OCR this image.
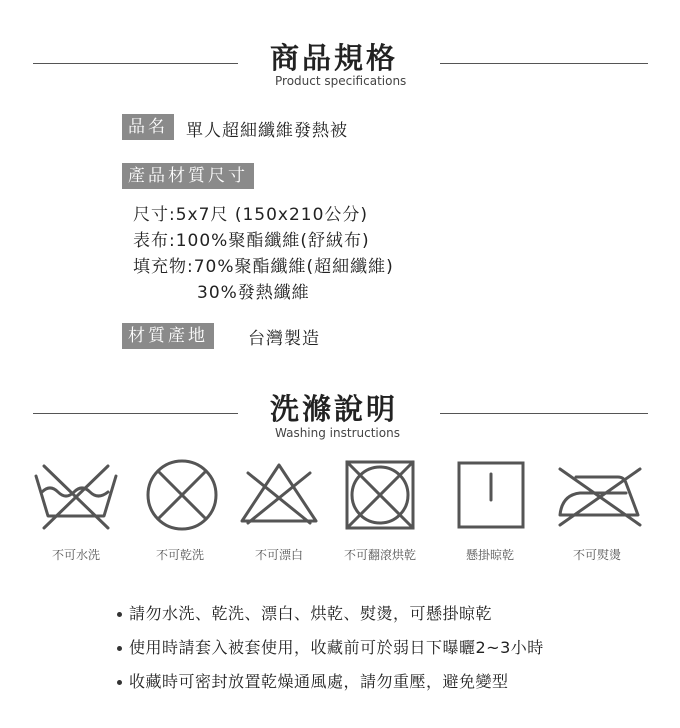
商品規格
Product specifications
品名	單人超細纖維發熱被
產品材質尺寸
尺寸:5x7尺 (150x210公分)
表布:100%聚酯纖維(舒絨布)
填充物:70%聚酯纖維(超細纖維)
30%發熱纖維
材質產地	台灣製造
洗滌說明
Washing instructions
不可水洗	不可乾洗	不可漂白	不可翻滾烘乾	懸掛晾乾	不可熨燙
請勿水洗、乾洗、漂白、烘乾、熨燙，可懸掛晾乾
使用時請套入被套使用，收藏前可於弱日下曝曬2~3小時
收藏時可密封放置乾燥通風處，請勿重壓，避免變型
